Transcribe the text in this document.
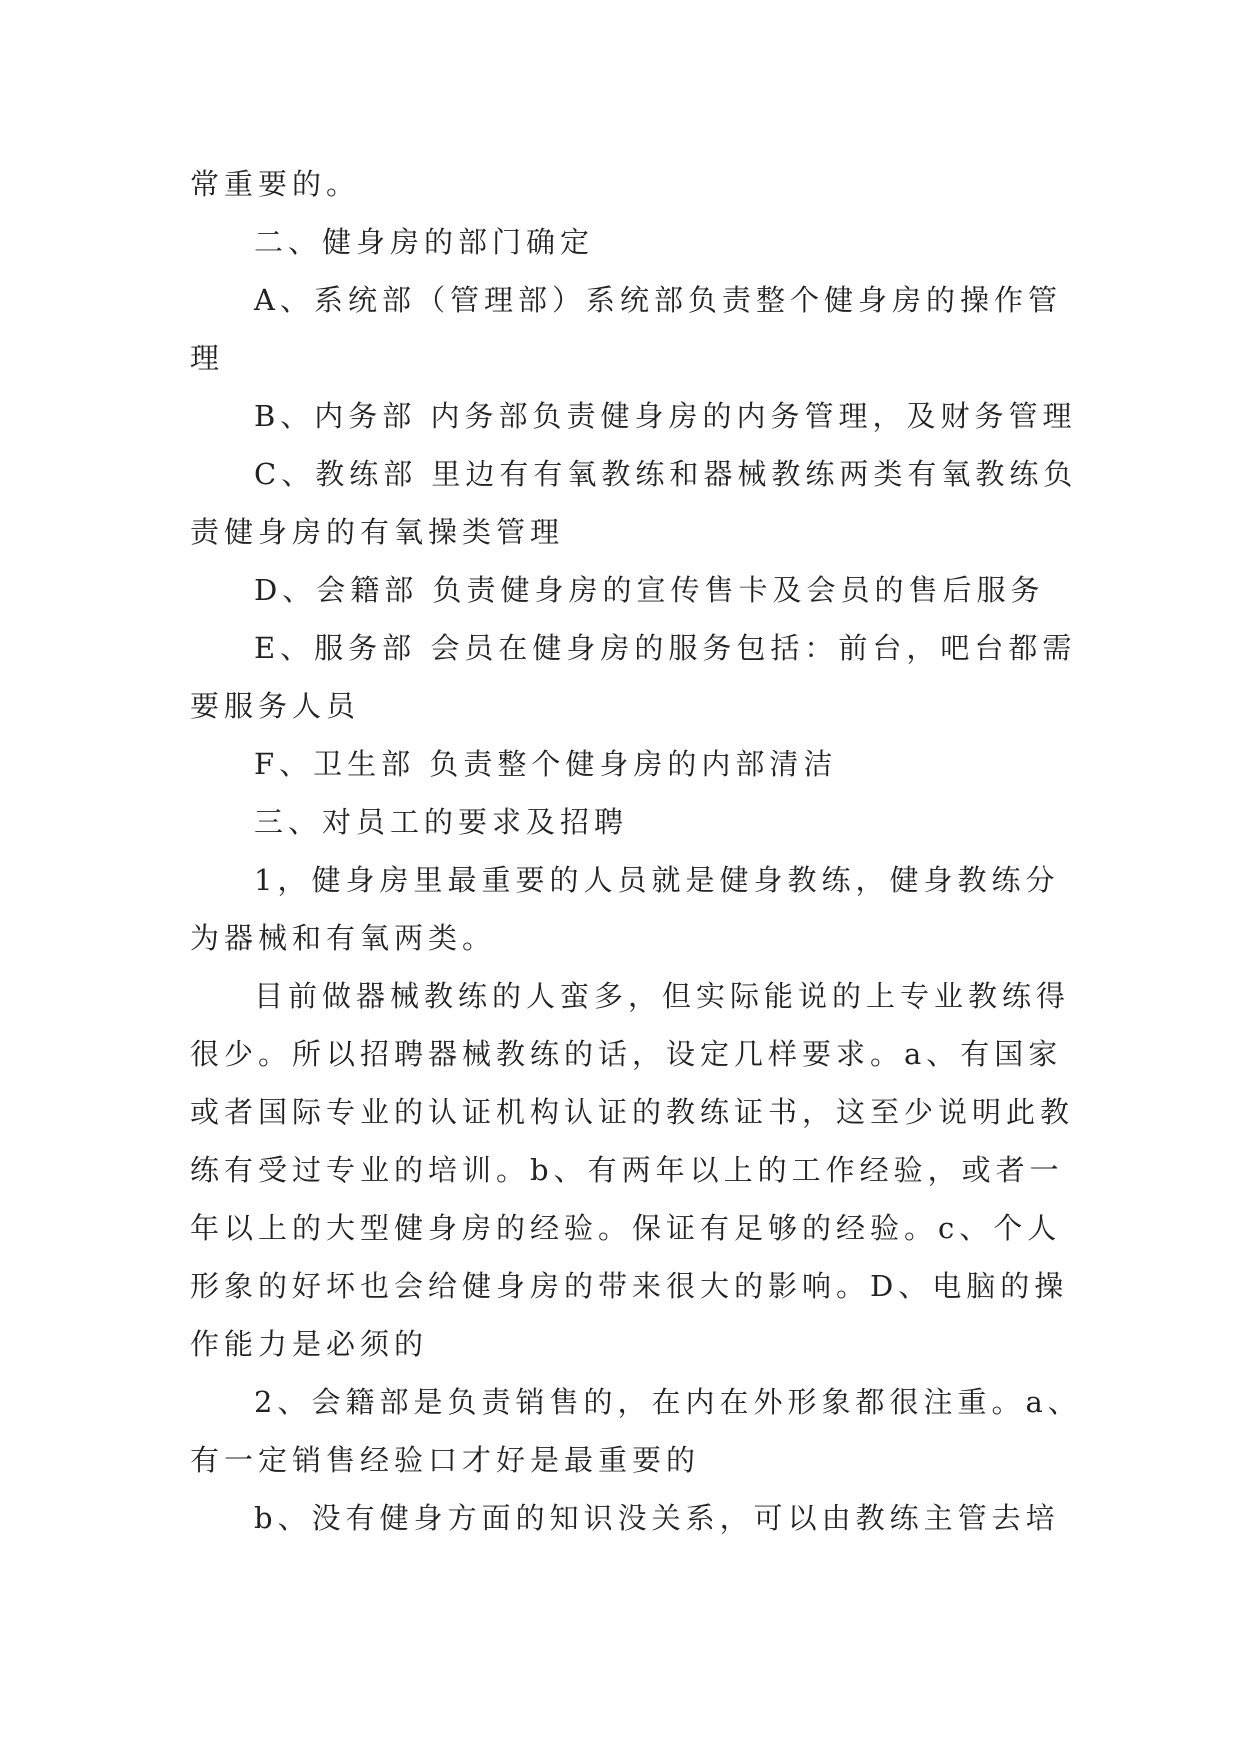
常重要的。
二、健身房的部门确定
A、系统部（管理部）系统部负责整个健身房的操作管
理
B、内务部 内务部负责健身房的内务管理，及财务管理
C、教练部 里边有有氧教练和器械教练两类有氧教练负
责健身房的有氧操类管理
D、会籍部 负责健身房的宣传售卡及会员的售后服务
E、服务部 会员在健身房的服务包括：前台，吧台都需
要服务人员
F、卫生部 负责整个健身房的内部清洁
三、对员工的要求及招聘
1，健身房里最重要的人员就是健身教练，健身教练分
为器械和有氧两类。
目前做器械教练的人蛮多，但实际能说的上专业教练得
很少。所以招聘器械教练的话，设定几样要求。a、有国家
或者国际专业的认证机构认证的教练证书，这至少说明此教
练有受过专业的培训。b、有两年以上的工作经验，或者一
年以上的大型健身房的经验。保证有足够的经验。c、个人
形象的好坏也会给健身房的带来很大的影响。D、电脑的操
作能力是必须的
2、会籍部是负责销售的，在内在外形象都很注重。a、
有一定销售经验口才好是最重要的
b、没有健身方面的知识没关系，可以由教练主管去培
